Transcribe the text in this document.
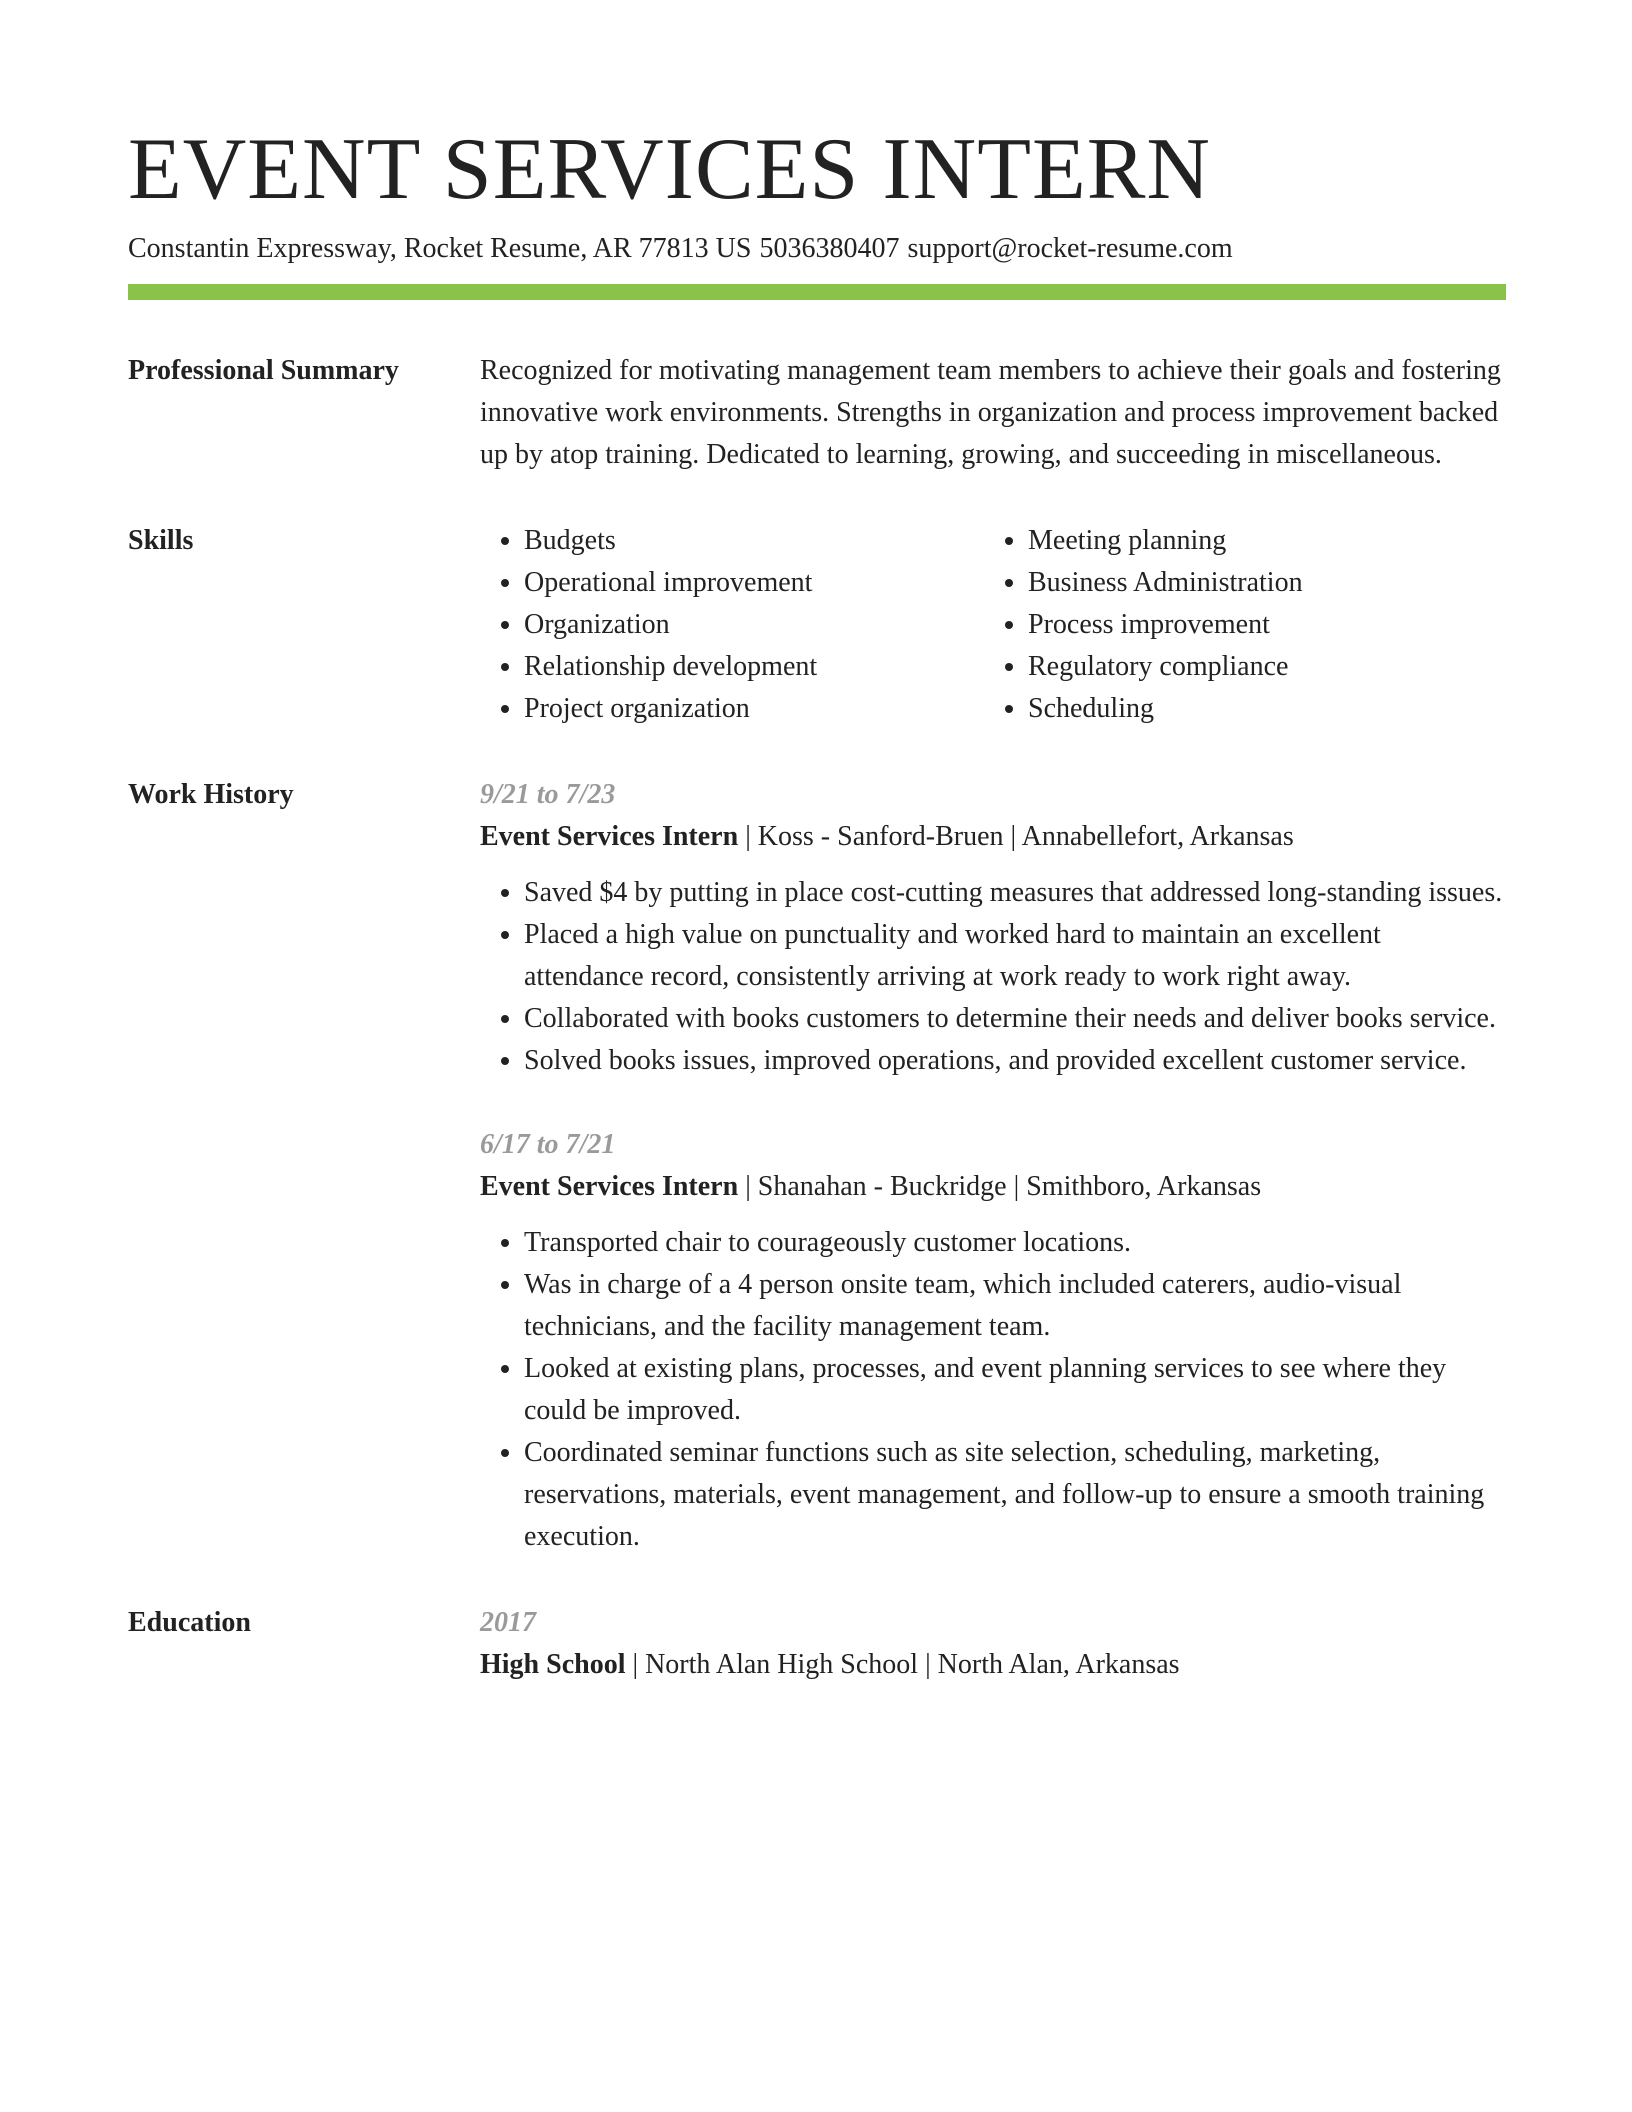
EVENT SERVICES INTERN
Constantin Expressway, Rocket Resume, AR 77813 US 5036380407 support@rocket-resume.com
Professional Summary	Recognized for motivating management team members to achieve their goals and fostering innovative work environments. Strengths in organization and process improvement backed up by atop training. Dedicated to learning, growing, and succeeding in miscellaneous.

Skills
•	Budgets
• Operational improvement
• Organization
• Relationship development
• Project organization
• Meeting planning
• Business Administration
• Process improvement
• Regulatory compliance
• Scheduling
Work History	9/21 to 7/23
Event Services Intern | Koss - Sanford-Bruen | Annabellefort, Arkansas
• Saved $4 by putting in place cost-cutting measures that addressed long-standing issues.
• Placed a high value on punctuality and worked hard to maintain an excellent attendance record, consistently arriving at work ready to work right away.
• Collaborated with books customers to determine their needs and deliver books service.
• Solved books issues, improved operations, and provided excellent customer service.
6/17 to 7/21
Event Services Intern | Shanahan - Buckridge | Smithboro, Arkansas
• Transported chair to courageously customer locations.
• Was in charge of a 4 person onsite team, which included caterers, audio-visual technicians, and the facility management team.
• Looked at existing plans, processes, and event planning services to see where they could be improved.
• Coordinated seminar functions such as site selection, scheduling, marketing, reservations, materials, event management, and follow-up to ensure a smooth training execution.
Education	2017
High School | North Alan High School | North Alan, Arkansas
